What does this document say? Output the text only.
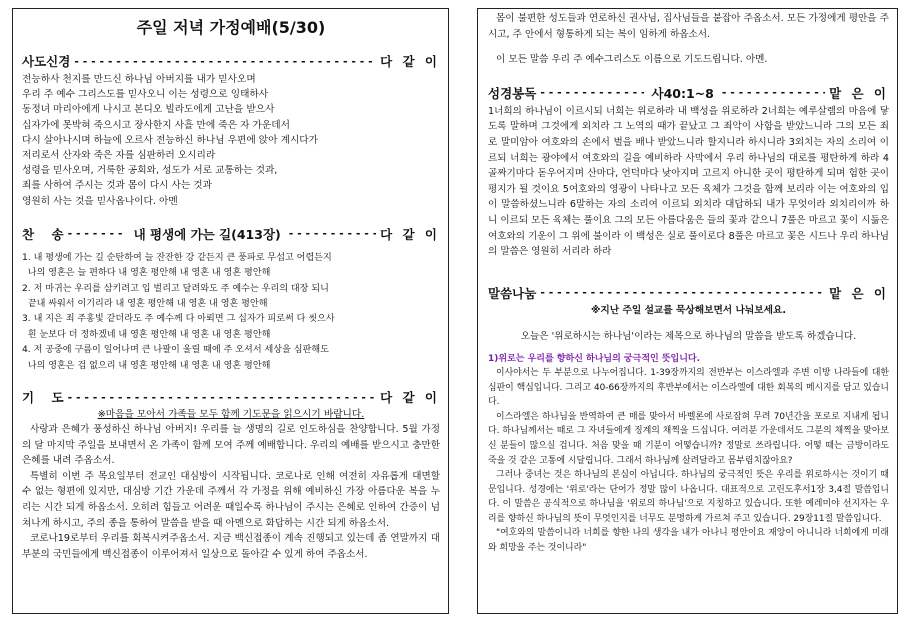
주일 저녁 가정예배(5/30)
사도신경 - - -	다 같 이

전능하사 천지를 만드신 하나님 아버지를 내가 믿사오며

우리 주 예수 그리스도를 믿사오니 이는 성령으로 잉태하사

동정녀 마리아에게 나시고 본디오 빌라도에게 고난을 받으사

십자가에 못박혀 죽으시고 장사한지 사흘 만에 죽은 자 가운데서

다시 살아나시며 하늘에 오르사 전능하신 하나님 우편에 앉아 계시다가

저리로서 산자와 죽은 자를 심판하러 오시리라

성령을 믿사오며, 거룩한 공회와, 성도가 서로 교통하는 것과,

죄를 사하여 주시는 것과 몸이 다시 사는 것과

영원히 사는 것을 믿사옵나이다. 아멘

찬    송 - - -	내 평생에 가는 길(413장) - - -	다 같 이

1. 내 평생에 가는 길 순탄하여 늘 잔잔한 강 같든지 큰 풍파로 무섭고 어렵든지

나의 영혼은 늘 편하다 내 영혼 평안해 내 영혼 내 영혼 평안해

2. 저 마귀는 우리를 삼키려고 입 벌리고 달려와도 주 예수는 우리의 대장 되니

끝내 싸워서 이기리라 내 영혼 평안해 내 영혼 내 영혼 평안해

3. 내 지은 죄 주홍빛 같더라도 주 예수께 다 아뢰면 그 십자가 피로써 다 씻으사

흰 눈보다 더 정하겠네 내 영혼 평안해 내 영혼 내 영혼 평안해

4. 저 공중에 구름이 일어나며 큰 나팔이 울릴 때에 주 오셔서 세상을 심판해도

나의 영혼은 겁 없으리 내 영혼 평안해 내 영혼 내 영혼 평안해

기    도 - - -	다 같 이

※마음을 모아서 가족들 모두 함께 기도문을 읽으시기 바랍니다.

사랑과 은혜가 풍성하신 하나님 아버지! 우리를 늘 생명의 길로 인도하심을 찬양합니다. 5월 가정의 달 마지막 주일을 보내면서 온 가족이 함께 모여 주께 예배합니다. 우리의 예배를 받으시고 충만한 은혜를 내려 주옵소서.

특별히 이번 주 목요일부터 전교인 대심방이 시작됩니다. 코로나로 인해 여전히 자유롭게 대면할 수 없는 형편에 있지만, 대심방 기간 가운데 주께서 각 가정을 위해 예비하신 가장 아름다운 복을 누리는 시간 되게 하옵소서. 오히려 힘들고 어려운 때일수록 하나님이 주시는 은혜로 인하여 간증이 넘쳐나게 하시고, 주의 종을 통하여 말씀을 받을 때 아멘으로 화답하는 시간 되게 하옵소서.

코로나19로부터 우리를 회복시켜주옵소서. 지금 백신접종이 계속 진행되고 있는데 좀 연말까지 대부분의 국민들에게 백신접종이 이루어져서 일상으로 돌아갈 수 있게 하여 주옵소서.

몸이 불편한 성도들과 연로하신 권사님, 집사님들을 붙잡아 주옵소서. 모든 가정에게 평안을 주시고, 주 안에서 형통하게 되는 복이 임하게 하옵소서.

이 모든 말씀 우리 주 예수그리스도 이름으로 기도드립니다. 아멘.

성경봉독 - - -	사40:1~8 - - -	맡 은 이

1너희의 하나님이 이르시되 너희는 위로하라 내 백성을 위로하라 2너희는 예루살렘의 마음에 닿도록 말하며 그것에게 외치라 그 노역의 때가 끝났고 그 죄악이 사함을 받았느니라 그의 모든 죄로 말미암아 여호와의 손에서 벌을 배나 받았느니라 할지니라 하시니라 3외치는 자의 소리여 이르되 너희는 광야에서 여호와의 길을 예비하라 사막에서 우리 하나님의 대로를 평탄하게 하라 4골짜기마다 돋우어지며 산마다, 언덕마다 낮아지며 고르지 아니한 곳이 평탄하게 되며 험한 곳이 평지가 될 것이요 5여호와의 영광이 나타나고 모든 육체가 그것을 함께 보리라 이는 여호와의 입이 말씀하셨느니라 6말하는 자의 소리여 이르되 외치라 대답하되 내가 무엇이라 외치리이까 하니 이르되 모든 육체는 풀이요 그의 모든 아름다움은 들의 꽃과 같으니 7풀은 마르고 꽃이 시듦은 여호와의 기운이 그 위에 불이라 이 백성은 실로 풀이로다 8풀은 마르고 꽃은 시드나 우리 하나님의 말씀은 영원히 서리라 하라

말씀나눔 - - -	맡 은 이

※지난 주일 설교를 묵상해보면서 나눠보세요.

오늘은 '위로하시는 하나님'이라는 제목으로 하나님의 말씀을 받도록 하겠습니다.

1)위로는 우리를 향하신 하나님의 궁극적인 뜻입니다.

이사야서는 두 부분으로 나누어집니다. 1-39장까지의 전반부는 이스라엘과 주변 이방 나라들에 대한 심판이 핵심입니다. 그리고 40-66장까지의 후반부에서는 이스라엘에 대한 회복의 메시지를 담고 있습니다.

이스라엘은 하나님을 반역하여 큰 매를 맞아서 바벨론에 사로잡혀 무려 70년간을 포로로 지내게 됩니다. 하나님께서는 때로 그 자녀들에게 징계의 채찍을 드십니다. 여러분 가운데서도 그분의 채찍을 맞아보신 분들이 많으실 겁니다. 처음 맞을 때 기분이 어떻습니까? 정말로 쓰라립니다. 어떻 때는 금방이라도 죽을 것 같은 고통에 시달립니다. 그래서 하나님께 살려달라고 몸부림치잖아요?

그러나 중녀는 것은 하나님의 본심이 아닙니다. 하나님의 궁극적인 뜻은 우리를 위로하시는 것이기 때문입니다. 성경에는 '위로'라는 단어가 정말 많이 나옵니다. 대표적으로 고린도후서1장 3,4절 말씀입니다. 이 말씀은 공식적으로 하나님을 '위로의 하나님'으로 지칭하고 있습니다. 또한 예레미야 선지자는 우리를 향하신 하나님의 뜻이 무엇인지를 너무도 분명하게 가르쳐 주고 있습니다. 29장11절 말씀입니다.

"여호와의 말씀이니라 너희를 향한 나의 생각을 내가 아나니 평안이요 재앙이 아니니라 너희에게 미래와 희망을 주는 것이니라"
